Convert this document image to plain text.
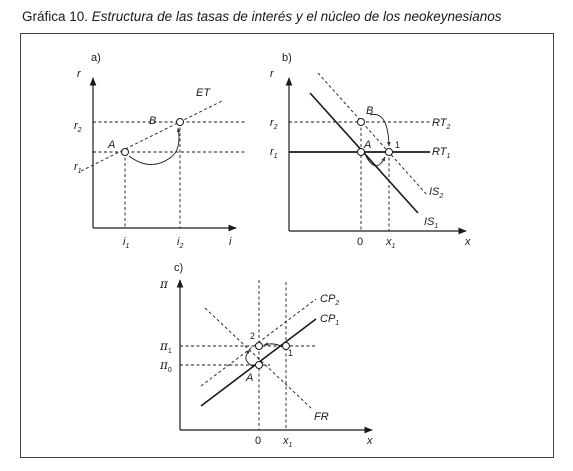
Gráfica 10. Estructura de las tasas de interés y el núcleo de los neokeynesianos
a)
r
i
ET
A
B
$r_2$
$r_1$
$i_1$	$i_2$
b)
r
x
B
A	1
$r_2$
$r_1$
0 $x_1$
$RT_2$
$RT_1$
$IS_2$
$IS_1$
c)
π
x
2
1
A
$\pi_1$
$\pi_0$
0 $x_1$
$CP_2$
$CP_1$
FR
